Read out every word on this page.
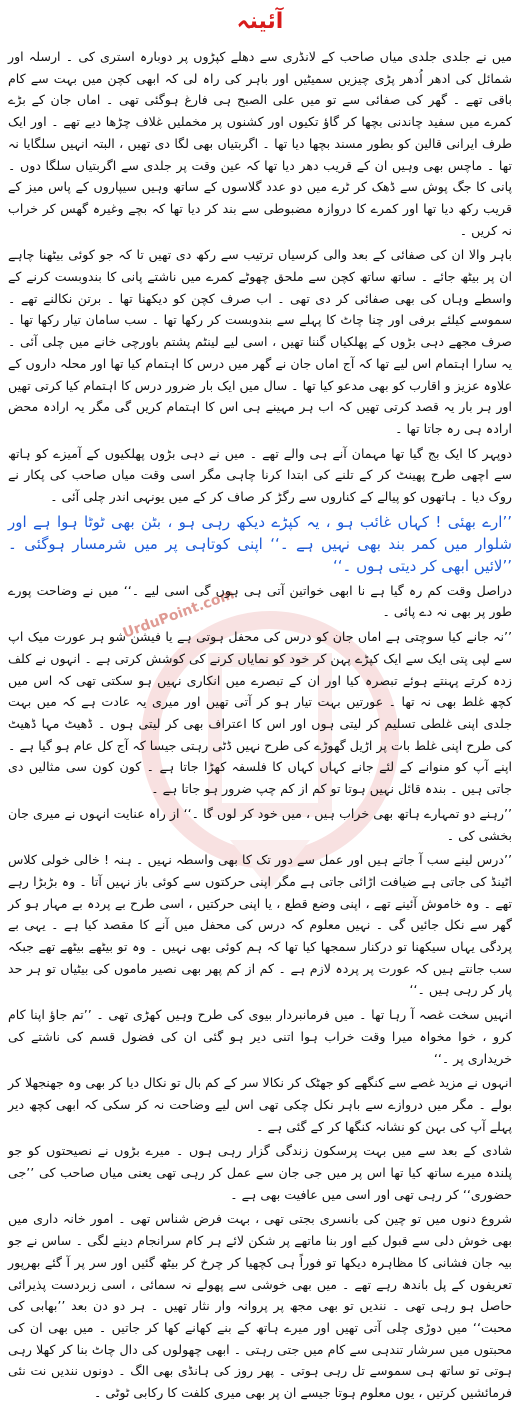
آئینہ
UrduPoint.com

میں نے جلدی جلدی میاں صاحب کے لانڈری سے دھلے کپڑوں پر دوبارہ استری کی ۔ ارسلہ اور شمائل کی ادھر اُدھر پڑی چیزیں سمیٹیں اور باہر کی راہ لی کہ ابھی کچن میں بہت سے کام باقی تھے ۔ گھر کی صفائی سے تو میں علی الصبح ہی فارغ ہوگئی تھی ۔ اماں جان کے بڑے کمرے میں سفید چاندنی بچھا کر گاؤ تکیوں اور کشنوں پر مخملیں غلاف چڑھا دیے تھے ۔ اور ایک طرف ایرانی قالین کو بطور مسند بچھا دیا تھا ۔ اگربتیاں بھی لگا دی تھیں ، البتہ انہیں سلگایا نہ تھا ۔ ماچس بھی وہیں ان کے قریب دھر دیا تھا کہ عین وقت پر جلدی سے اگربتیاں سلگا دوں ۔ پانی کا جگ پوش سے ڈھک کر ٹرے میں دو عدد گلاسوں کے ساتھ وہیں سیپاروں کے پاس میز کے قریب رکھ دیا تھا اور کمرے کا دروازہ مضبوطی سے بند کر دیا تھا کہ بچے وغیرہ گھس کر خراب نہ کریں ۔

باہر والا ان کی صفائی کے بعد والی کرسیاں ترتیب سے رکھ دی تھیں تا کہ جو کوئی بیٹھنا چاہے ان پر بیٹھ جائے ۔ ساتھ ساتھ کچن سے ملحق چھوٹے کمرے میں ناشتے پانی کا بندوبست کرنے کے واسطے وہاں کی بھی صفائی کر دی تھی ۔ اب صرف کچن کو دیکھنا تھا ۔ برتن نکالنے تھے ۔ سموسے کیلئے برفی اور چنا چاٹ کا پہلے سے بندوبست کر رکھا تھا ۔ سب سامان تیار رکھا تھا ۔ صرف مجھے دہی بڑوں کے پھلکیاں گننا تھیں ، اسی لیے لینٹم پشتم باورچی خانے میں چلی آئی ۔ یہ سارا اہتمام اس لیے تھا کہ آج اماں جان نے گھر میں درس کا اہتمام کیا تھا اور محلہ داروں کے علاوہ عزیز و اقارب کو بھی مدعو کیا تھا ۔ سال میں ایک بار ضرور درس کا اہتمام کیا کرتی تھیں اور ہر بار یہ قصد کرتی تھیں کہ اب ہر مہینے ہی اس کا اہتمام کریں گی مگر یہ ارادہ محض ارادہ ہی رہ جاتا تھا ۔

دوپہر کا ایک بج گیا تھا مہمان آنے ہی والے تھے ۔ میں نے دہی بڑوں پھلکیوں کے آمیزے کو ہاتھ سے اچھی طرح پھینٹ کر کے تلنے کی ابتدا کرنا چاہی مگر اسی وقت میاں صاحب کی پکار نے روک دیا ۔ ہاتھوں کو پیالے کے کناروں سے رگڑ کر صاف کر کے میں یونہی اندر چلی آئی ۔

’’ارے بھئی ! کہاں غائب ہو ، یہ کپڑے دیکھ رہی ہو ، بٹن بھی ٹوٹا ہوا ہے اور شلوار میں کمر بند بھی نہیں ہے ۔‘‘ اپنی کوتاہی پر میں شرمسار ہوگئی ۔ ’’لائیں ابھی کر دیتی ہوں ۔‘‘

دراصل وقت کم رہ گیا ہے نا ابھی خواتین آتی ہی ہوں گی اسی لیے ۔‘‘ میں نے وضاحت پورے طور پر بھی نہ دے پائی ۔

’’نہ جانے کیا سوچتی ہے اماں جان کو درس کی محفل ہوتی ہے یا فیشن شو ہر عورت میک اپ سے لپی پتی ایک سے ایک کپڑے پہن کر خود کو نمایاں کرنے کی کوشش کرتی ہے ۔ انہوں نے کلف زدہ کرتے پہنتے ہوئے تبصرہ کیا اور ان کے تبصرے میں انکاری نہیں ہو سکتی تھی کہ اس میں کچھ غلط بھی نہ تھا ۔ عورتیں بہت تیار ہو کر آتی تھیں اور میری یہ عادت ہے کہ میں بہت جلدی اپنی غلطی تسلیم کر لیتی ہوں اور اس کا اعتراف بھی کر لیتی ہوں ۔ ڈھیٹ مہا ڈھیٹ کی طرح اپنی غلط بات پر اڑیل گھوڑے کی طرح نہیں ڈٹی رہتی جیسا کہ آج کل عام ہو گیا ہے ۔ اپنے آپ کو منوانے کے لئے جانے کہاں کہاں کا فلسفہ کھڑا جاتا ہے ۔ کون کون سی مثالیں دی جاتی ہیں ۔ بندہ قائل نہیں ہوتا تو کم از کم چپ ضرور ہو جاتا ہے ۔

’’رہنے دو تمہارے ہاتھ بھی خراب ہیں ، میں خود کر لوں گا ۔‘‘ از راہ عنایت انہوں نے میری جان بخشی کی ۔

’’درس لینے سب آ جاتے ہیں اور عمل سے دور تک کا بھی واسطہ نہیں ۔ ہنہ ! خالی خولی کلاس اٹینڈ کی جاتی ہے ضیافت اڑائی جاتی ہے مگر اپنی حرکتوں سے کوئی باز نہیں آتا ۔ وہ بڑبڑا رہے تھے ۔ وہ خاموش آئینے تھے ، اپنی وضع قطع ، یا اپنی حرکتیں ، اسی طرح بے پردہ بے مہار ہو کر گھر سے نکل جائیں گی ۔ نہیں معلوم کہ درس کی محفل میں آنے کا مقصد کیا ہے ۔ یہی بے پردگی یہاں سیکھنا تو درکنار سمجھا کیا تھا کہ ہم کوئی بھی نہیں ۔ وہ تو بیٹھے بیٹھے تھے جبکہ سب جانتے ہیں کہ عورت پر پردہ لازم ہے ۔ کم از کم پھر بھی نصیر ماموں کی بیٹیاں تو ہر حد پار کر رہی ہیں ۔‘‘

انہیں سخت غصہ آ رہا تھا ۔ میں فرمانبردار بیوی کی طرح وہیں کھڑی تھی ۔ ’’تم جاؤ اپنا کام کرو ، خوا مخواہ میرا وقت خراب ہوا اتنی دیر ہو گئی ان کی فضول قسم کی ناشتے کی خریداری پر ۔‘‘

انہوں نے مزید غصے سے کنگھے کو جھٹک کر نکالا سر کے کم بال تو نکال دیا کر بھی وہ جھنجھلا کر بولے ۔ مگر میں دروازے سے باہر نکل چکی تھی اس لیے وضاحت نہ کر سکی کہ ابھی کچھ دیر پہلے آپ کی بہن کو نشانہ کنگھا کر کے گئی ہے ۔

شادی کے بعد سے میں بہت پرسکون زندگی گزار رہی ہوں ۔ میرے بڑوں نے نصیحتوں کو جو پلندہ میرے ساتھ کیا تھا اس پر میں جی جان سے عمل کر رہی تھی یعنی میاں صاحب کی ’’جی حضوری‘‘ کر رہی تھی اور اسی میں عافیت بھی ہے ۔

شروع دنوں میں تو چین کی بانسری بجتی تھی ، بہت فرض شناس تھی ۔ امور خانہ داری میں بھی خوش دلی سے قبول کیے اور بنا ماتھے پر شکن لائے ہر کام سرانجام دینے لگی ۔ ساس نے جو بیہ جان فشانی کا مظاہرہ دیکھا تو فوراً ہی کچھیا کر چرخ کر بیٹھ گئیں اور سر پر آ گئے بھرپور تعریفوں کے پل باندھ رہے تھے ۔ میں بھی خوشی سے پھولے نہ سمائی ، اسی زبردست پذیرائی حاصل ہو رہی تھی ۔ نندیں تو بھی مجھ پر پروانہ وار نثار تھیں ۔ ہر دو دن بعد ’’بھابی کی محبت‘‘ میں دوڑی چلی آتی تھیں اور میرے ہاتھ کے بنے کھانے کھا کر جاتیں ۔ میں بھی ان کی محبتوں میں سرشار تندہی سے کام میں جتی رہتی ۔ ابھی چھولوں کی دال چاٹ بنا کر کھلا رہی ہوتی تو ساتھ ہی سموسے تل رہی ہوتی ۔ پھر روز کی ہانڈی بھی الگ ۔ دونوں نندیں نت نئی فرمائشیں کرتیں ، یوں معلوم ہوتا جیسے ان پر بھی میری کلفت کا رکابی ٹوٹی ۔
